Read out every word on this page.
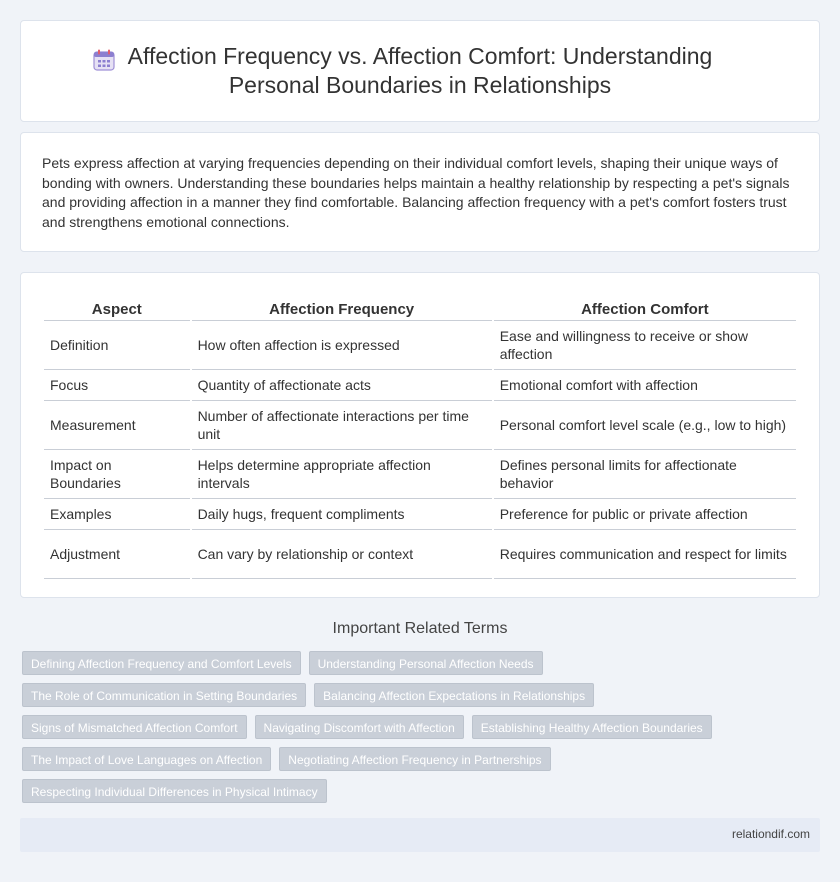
Affection Frequency vs. Affection Comfort: Understanding Personal Boundaries in Relationships

Pets express affection at varying frequencies depending on their individual comfort levels, shaping their unique ways of bonding with owners. Understanding these boundaries helps maintain a healthy relationship by respecting a pet's signals and providing affection in a manner they find comfortable. Balancing affection frequency with a pet's comfort fosters trust and strengthens emotional connections.

Aspect	Affection Frequency	Affection Comfort
Definition	How often affection is expressed	Ease and willingness to receive or show affection
Focus	Quantity of affectionate acts	Emotional comfort with affection
Measurement	Number of affectionate interactions per time unit	Personal comfort level scale (e.g., low to high)
Impact on Boundaries	Helps determine appropriate affection intervals	Defines personal limits for affectionate behavior
Examples	Daily hugs, frequent compliments	Preference for public or private affection
Adjustment	Can vary by relationship or context	Requires communication and respect for limits
Important Related Terms
Defining Affection Frequency and Comfort Levels	Understanding Personal Affection Needs
The Role of Communication in Setting Boundaries	Balancing Affection Expectations in Relationships
Signs of Mismatched Affection Comfort	Navigating Discomfort with Affection	Establishing Healthy Affection Boundaries
The Impact of Love Languages on Affection	Negotiating Affection Frequency in Partnerships
Respecting Individual Differences in Physical Intimacy
relationdif.com
